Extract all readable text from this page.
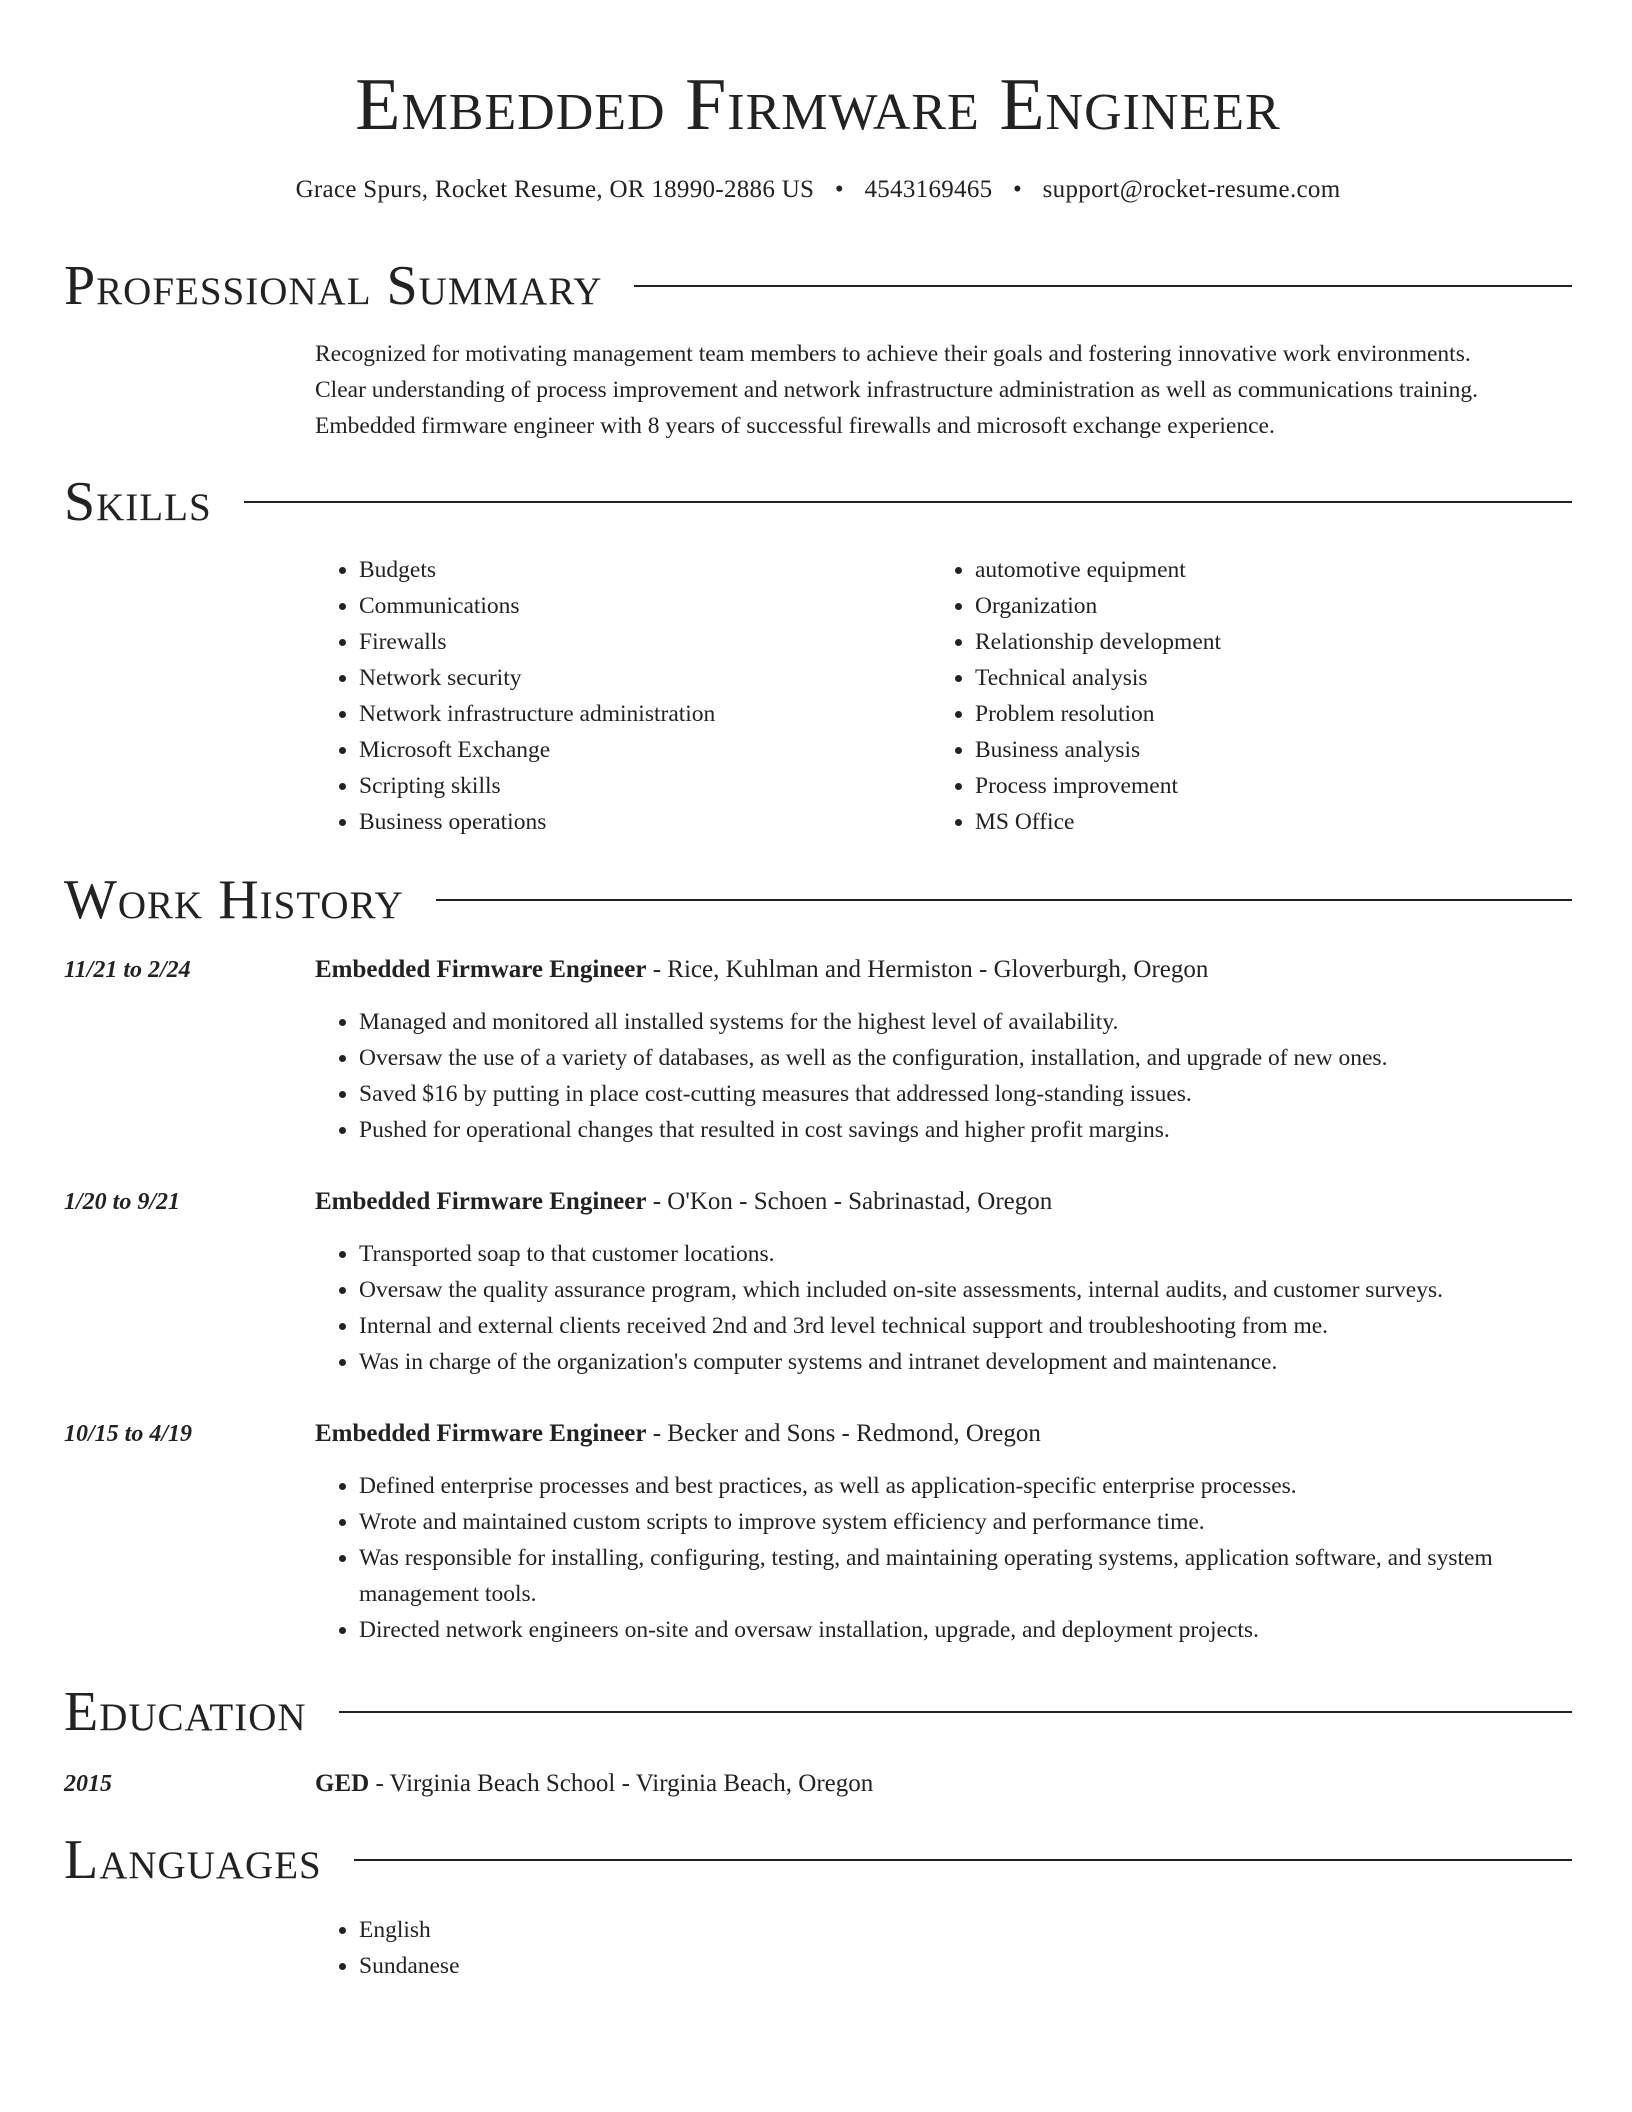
Embedded Firmware Engineer
Grace Spurs, Rocket Resume, OR 18990-2886 US • 4543169465 • support@rocket-resume.com
Professional Summary
Recognized for motivating management team members to achieve their goals and fostering innovative work environments.
Clear understanding of process improvement and network infrastructure administration as well as communications training.
Embedded firmware engineer with 8 years of successful firewalls and microsoft exchange experience.
Skills
• Budgets
• Communications
• Firewalls
• Network security
• Network infrastructure administration
• Microsoft Exchange
• Scripting skills
• Business operations
• automotive equipment
• Organization
• Relationship development
• Technical analysis
• Problem resolution
• Business analysis
• Process improvement
• MS Office
Work History
11/21 to 2/24	Embedded Firmware Engineer - Rice, Kuhlman and Hermiston - Gloverburgh, Oregon
• Managed and monitored all installed systems for the highest level of availability.
• Oversaw the use of a variety of databases, as well as the configuration, installation, and upgrade of new ones.
• Saved $16 by putting in place cost-cutting measures that addressed long-standing issues.
• Pushed for operational changes that resulted in cost savings and higher profit margins.
1/20 to 9/21	Embedded Firmware Engineer - O'Kon - Schoen - Sabrinastad, Oregon
• Transported soap to that customer locations.
• Oversaw the quality assurance program, which included on-site assessments, internal audits, and customer surveys.
• Internal and external clients received 2nd and 3rd level technical support and troubleshooting from me.
• Was in charge of the organization's computer systems and intranet development and maintenance.
10/15 to 4/19	Embedded Firmware Engineer - Becker and Sons - Redmond, Oregon
• Defined enterprise processes and best practices, as well as application-specific enterprise processes.
• Wrote and maintained custom scripts to improve system efficiency and performance time.
• Was responsible for installing, configuring, testing, and maintaining operating systems, application software, and system management tools.
• Directed network engineers on-site and oversaw installation, upgrade, and deployment projects.
Education
2015	GED - Virginia Beach School - Virginia Beach, Oregon
Languages
• English
• Sundanese
